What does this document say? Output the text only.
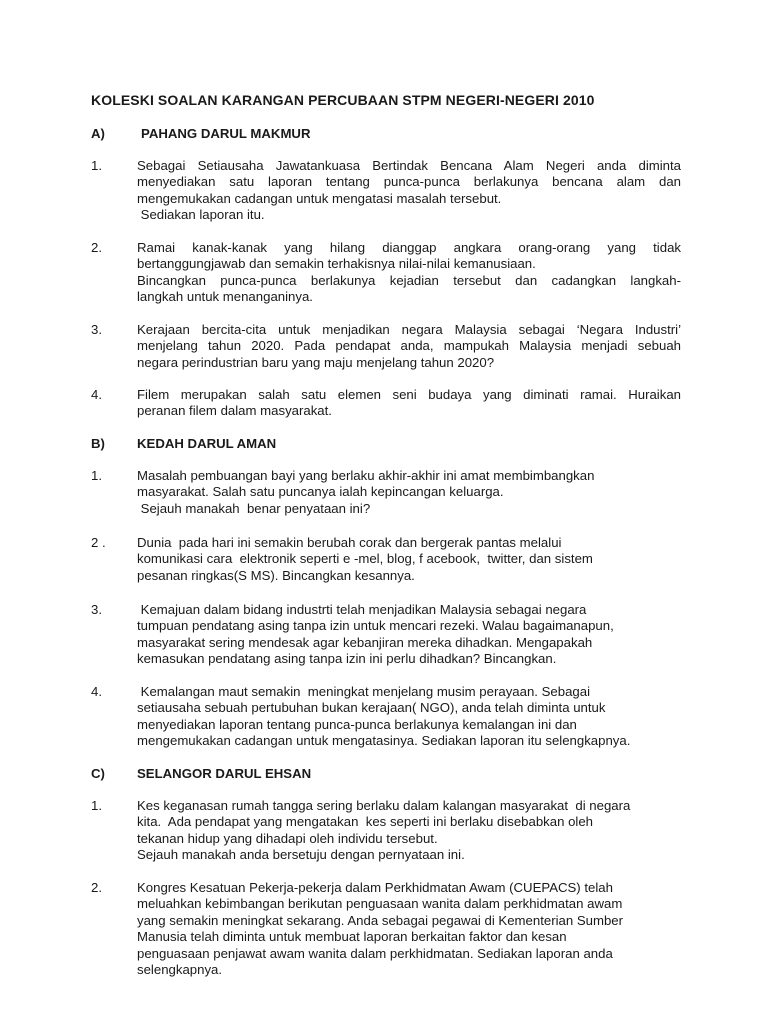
KOLESKI SOALAN KARANGAN PERCUBAAN STPM NEGERI-NEGERI 2010
A)	PAHANG DARUL MAKMUR
1.	Sebagai Setiausaha Jawatankuasa Bertindak Bencana Alam Negeri anda diminta
menyediakan satu laporan tentang punca-punca berlakunya bencana alam dan
mengemukakan cadangan untuk mengatasi masalah tersebut.
Sediakan laporan itu.
2.	Ramai kanak-kanak yang hilang dianggap angkara orang-orang yang tidak
bertanggungjawab dan semakin terhakisnya nilai-nilai kemanusiaan.
Bincangkan punca-punca berlakunya kejadian tersebut dan cadangkan langkah-
langkah untuk menanganinya.
3.	Kerajaan bercita-cita untuk menjadikan negara Malaysia sebagai ‘Negara Industri’
menjelang tahun 2020. Pada pendapat anda, mampukah Malaysia menjadi sebuah
negara perindustrian baru yang maju menjelang tahun 2020?
4.	Filem merupakan salah satu elemen seni budaya yang diminati ramai. Huraikan
peranan filem dalam masyarakat.
B) KEDAH DARUL AMAN
1.	Masalah pembuangan bayi yang berlaku akhir-akhir ini amat membimbangkan
masyarakat. Salah satu puncanya ialah kepincangan keluarga.
Sejauh manakah  benar penyataan ini?
2 .	Dunia  pada hari ini semakin berubah corak dan bergerak pantas melalui
komunikasi cara  elektronik seperti e -mel, blog, f acebook,  twitter, dan sistem
pesanan ringkas(S MS). Bincangkan kesannya.
3.	Kemajuan dalam bidang industrti telah menjadikan Malaysia sebagai negara
tumpuan pendatang asing tanpa izin untuk mencari rezeki. Walau bagaimanapun,
masyarakat sering mendesak agar kebanjiran mereka dihadkan. Mengapakah
kemasukan pendatang asing tanpa izin ini perlu dihadkan? Bincangkan.
4.	Kemalangan maut semakin  meningkat menjelang musim perayaan. Sebagai
setiausaha sebuah pertubuhan bukan kerajaan( NGO), anda telah diminta untuk
menyediakan laporan tentang punca-punca berlakunya kemalangan ini dan
mengemukakan cadangan untuk mengatasinya. Sediakan laporan itu selengkapnya.
C) SELANGOR DARUL EHSAN
1.	Kes keganasan rumah tangga sering berlaku dalam kalangan masyarakat  di negara
kita.  Ada pendapat yang mengatakan  kes seperti ini berlaku disebabkan oleh
tekanan hidup yang dihadapi oleh individu tersebut.
Sejauh manakah anda bersetuju dengan pernyataan ini.
2.	Kongres Kesatuan Pekerja-pekerja dalam Perkhidmatan Awam (CUEPACS) telah
meluahkan kebimbangan berikutan penguasaan wanita dalam perkhidmatan awam
yang semakin meningkat sekarang. Anda sebagai pegawai di Kementerian Sumber
Manusia telah diminta untuk membuat laporan berkaitan faktor dan kesan
penguasaan penjawat awam wanita dalam perkhidmatan. Sediakan laporan anda
selengkapnya.
